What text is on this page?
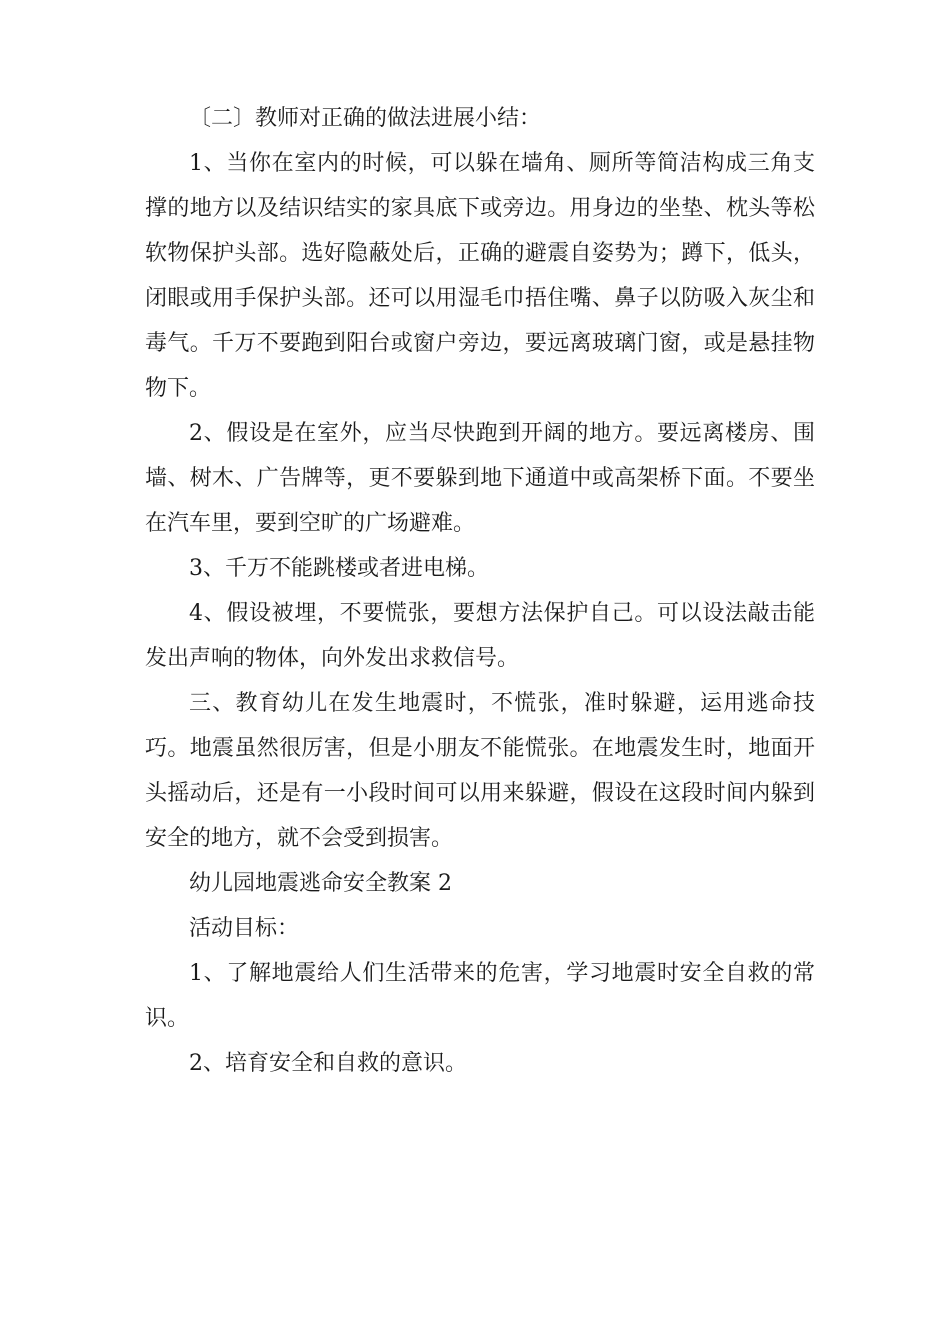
〔二〕教师对正确的做法进展小结：

1、当你在室内的时候，可以躲在墙角、厕所等简洁构成三角支撑的地方以及结识结实的家具底下或旁边。用身边的坐垫、枕头等松软物保护头部。选好隐蔽处后，正确的避震自姿势为；蹲下，低头，闭眼或用手保护头部。还可以用湿毛巾捂住嘴、鼻子以防吸入灰尘和毒气。千万不要跑到阳台或窗户旁边，要远离玻璃门窗，或是悬挂物物下。

2、假设是在室外，应当尽快跑到开阔的地方。要远离楼房、围墙、树木、广告牌等，更不要躲到地下通道中或高架桥下面。不要坐在汽车里，要到空旷的广场避难。

3、千万不能跳楼或者进电梯。

4、假设被埋，不要慌张，要想方法保护自己。可以设法敲击能发出声响的物体，向外发出求救信号。

三、教育幼儿在发生地震时，不慌张，准时躲避，运用逃命技巧。地震虽然很厉害，但是小朋友不能慌张。在地震发生时，地面开头摇动后，还是有一小段时间可以用来躲避，假设在这段时间内躲到安全的地方，就不会受到损害。

幼儿园地震逃命安全教案 2

活动目标：

1、了解地震给人们生活带来的危害，学习地震时安全自救的常识。

2、培育安全和自救的意识。
